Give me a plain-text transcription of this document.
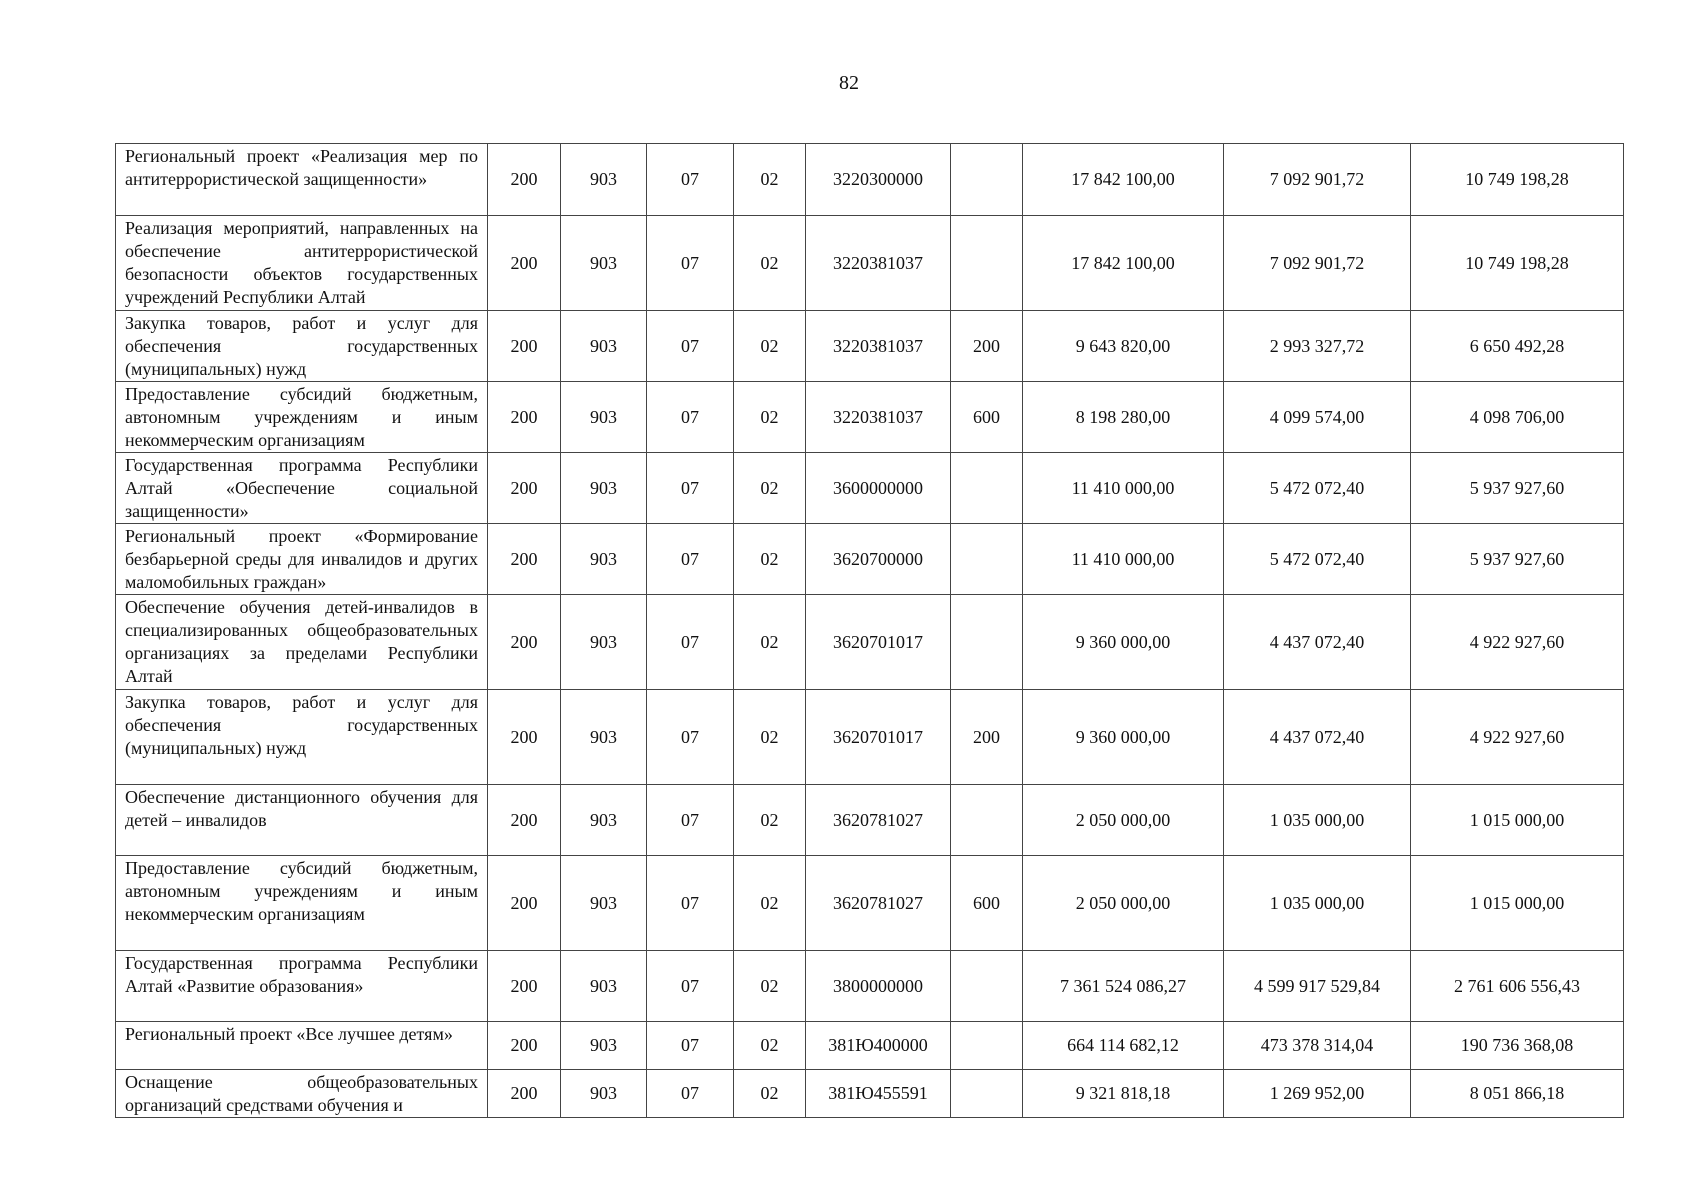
82
Региональный проект «Реализация мер по антитеррористической защищенности»	200	903	07	02	3220300000		17 842 100,00	7 092 901,72	10 749 198,28
Реализация мероприятий, направленных на обеспечение антитеррористической безопасности объектов государственных учреждений Республики Алтай	200	903	07	02	3220381037		17 842 100,00	7 092 901,72	10 749 198,28
Закупка товаров, работ и услуг для обеспечения государственных (муниципальных) нужд	200	903	07	02	3220381037	200	9 643 820,00	2 993 327,72	6 650 492,28
Предоставление субсидий бюджетным, автономным учреждениям и иным некоммерческим организациям	200	903	07	02	3220381037	600	8 198 280,00	4 099 574,00	4 098 706,00
Государственная программа Республики Алтай «Обеспечение социальной защищенности»	200	903	07	02	3600000000		11 410 000,00	5 472 072,40	5 937 927,60
Региональный проект «Формирование безбарьерной среды для инвалидов и других маломобильных граждан»	200	903	07	02	3620700000		11 410 000,00	5 472 072,40	5 937 927,60
Обеспечение обучения детей-инвалидов в специализированных общеобразовательных организациях за пределами Республики Алтай	200	903	07	02	3620701017		9 360 000,00	4 437 072,40	4 922 927,60
Закупка товаров, работ и услуг для обеспечения государственных (муниципальных) нужд	200	903	07	02	3620701017	200	9 360 000,00	4 437 072,40	4 922 927,60
Обеспечение дистанционного обучения для детей – инвалидов	200	903	07	02	3620781027		2 050 000,00	1 035 000,00	1 015 000,00
Предоставление субсидий бюджетным, автономным учреждениям и иным некоммерческим организациям	200	903	07	02	3620781027	600	2 050 000,00	1 035 000,00	1 015 000,00
Государственная программа Республики Алтай «Развитие образования»	200	903	07	02	3800000000		7 361 524 086,27	4 599 917 529,84	2 761 606 556,43
Региональный проект «Все лучшее детям»	200	903	07	02	381Ю400000		664 114 682,12	473 378 314,04	190 736 368,08
Оснащение общеобразовательных организаций средствами обучения и	200	903	07	02	381Ю455591		9 321 818,18	1 269 952,00	8 051 866,18
